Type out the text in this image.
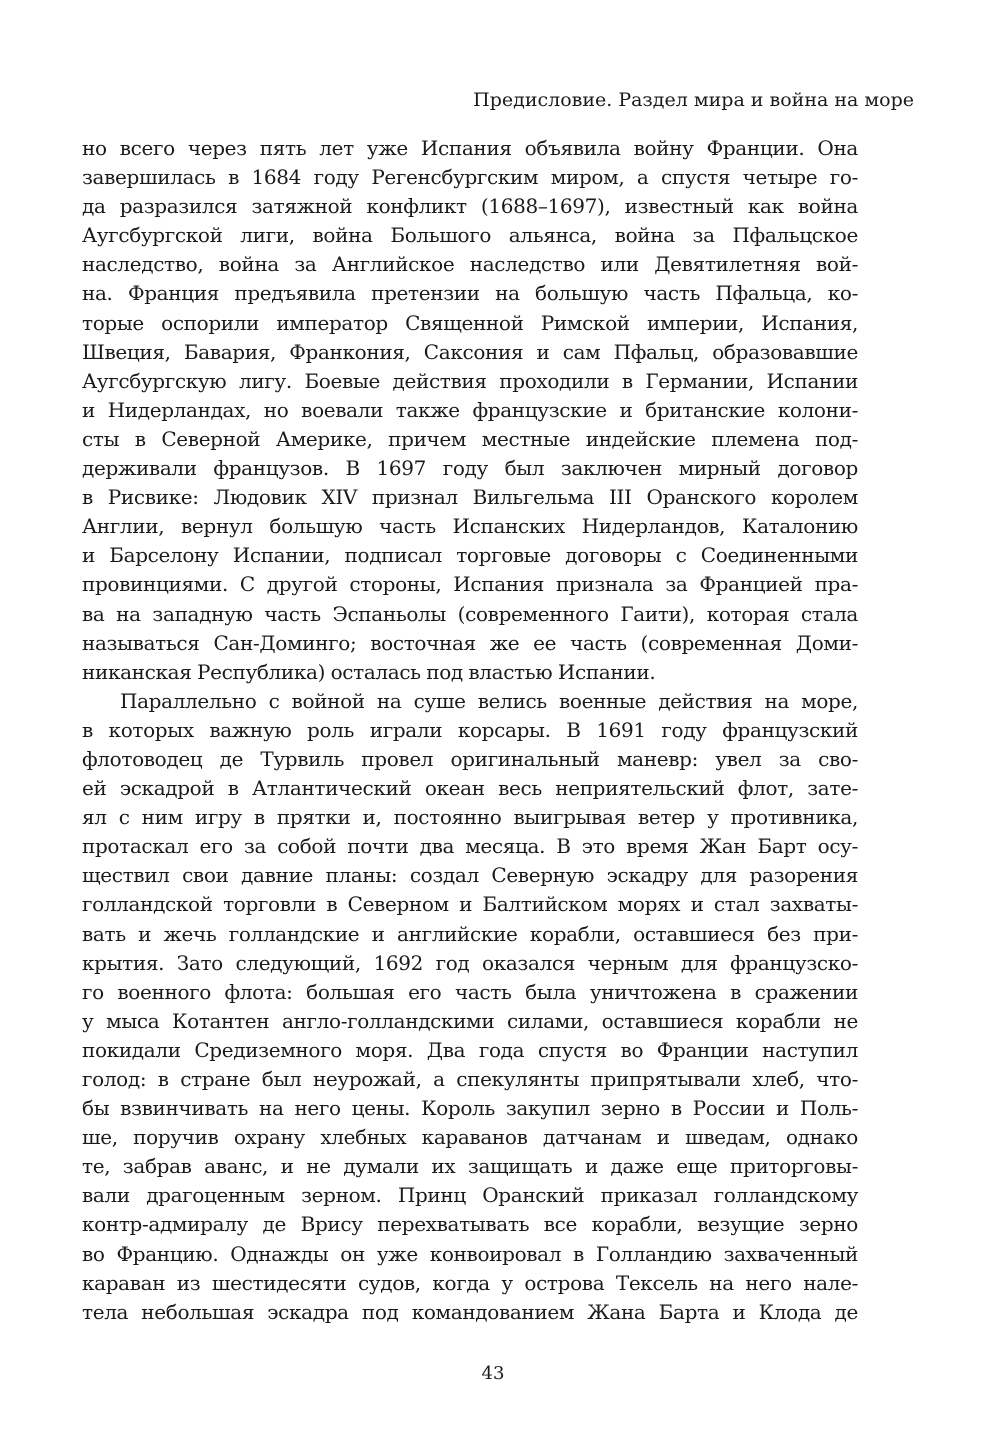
Предисловие. Раздел мира и война на море
но всего через пять лет уже Испания объявила войну Франции. Она
завершилась в 1684 году Регенсбургским миром, а спустя четыре го-
да разразился затяжной конфликт (1688–1697), известный как война
Аугсбургской лиги, война Большого альянса, война за Пфальцское
наследство, война за Английское наследство или Девятилетняя вой-
на. Франция предъявила претензии на большую часть Пфальца, ко-
торые оспорили император Священной Римской империи, Испания,
Швеция, Бавария, Франкония, Саксония и сам Пфальц, образовавшие
Аугсбургскую лигу. Боевые действия проходили в Германии, Испании
и Нидерландах, но воевали также французские и британские колони-
сты в Северной Америке, причем местные индейские племена под-
держивали французов. В 1697 году был заключен мирный договор
в Рисвике: Людовик XIV признал Вильгельма III Оранского королем
Англии, вернул большую часть Испанских Нидерландов, Каталонию
и Барселону Испании, подписал торговые договоры с Соединенными
провинциями. С другой стороны, Испания признала за Францией пра-
ва на западную часть Эспаньолы (современного Гаити), которая стала
называться Сан-Доминго; восточная же ее часть (современная Доми-
никанская Республика) осталась под властью Испании.
Параллельно с войной на суше велись военные действия на море,
в которых важную роль играли корсары. В 1691 году французский
флотоводец де Турвиль провел оригинальный маневр: увел за сво-
ей эскадрой в Атлантический океан весь неприятельский флот, зате-
ял с ним игру в прятки и, постоянно выигрывая ветер у противника,
протаскал его за собой почти два месяца. В это время Жан Барт осу-
ществил свои давние планы: создал Северную эскадру для разорения
голландской торговли в Северном и Балтийском морях и стал захваты-
вать и жечь голландские и английские корабли, оставшиеся без при-
крытия. Зато следующий, 1692 год оказался черным для французско-
го военного флота: большая его часть была уничтожена в сражении
у мыса Котантен англо-голландскими силами, оставшиеся корабли не
покидали Средиземного моря. Два года спустя во Франции наступил
голод: в стране был неурожай, а спекулянты припрятывали хлеб, что-
бы взвинчивать на него цены. Король закупил зерно в России и Поль-
ше, поручив охрану хлебных караванов датчанам и шведам, однако
те, забрав аванс, и не думали их защищать и даже еще приторговы-
вали драгоценным зерном. Принц Оранский приказал голландскому
контр-адмиралу де Врису перехватывать все корабли, везущие зерно
во Францию. Однажды он уже конвоировал в Голландию захваченный
караван из шестидесяти судов, когда у острова Тексель на него нале-
тела небольшая эскадра под командованием Жана Барта и Клода де
43
